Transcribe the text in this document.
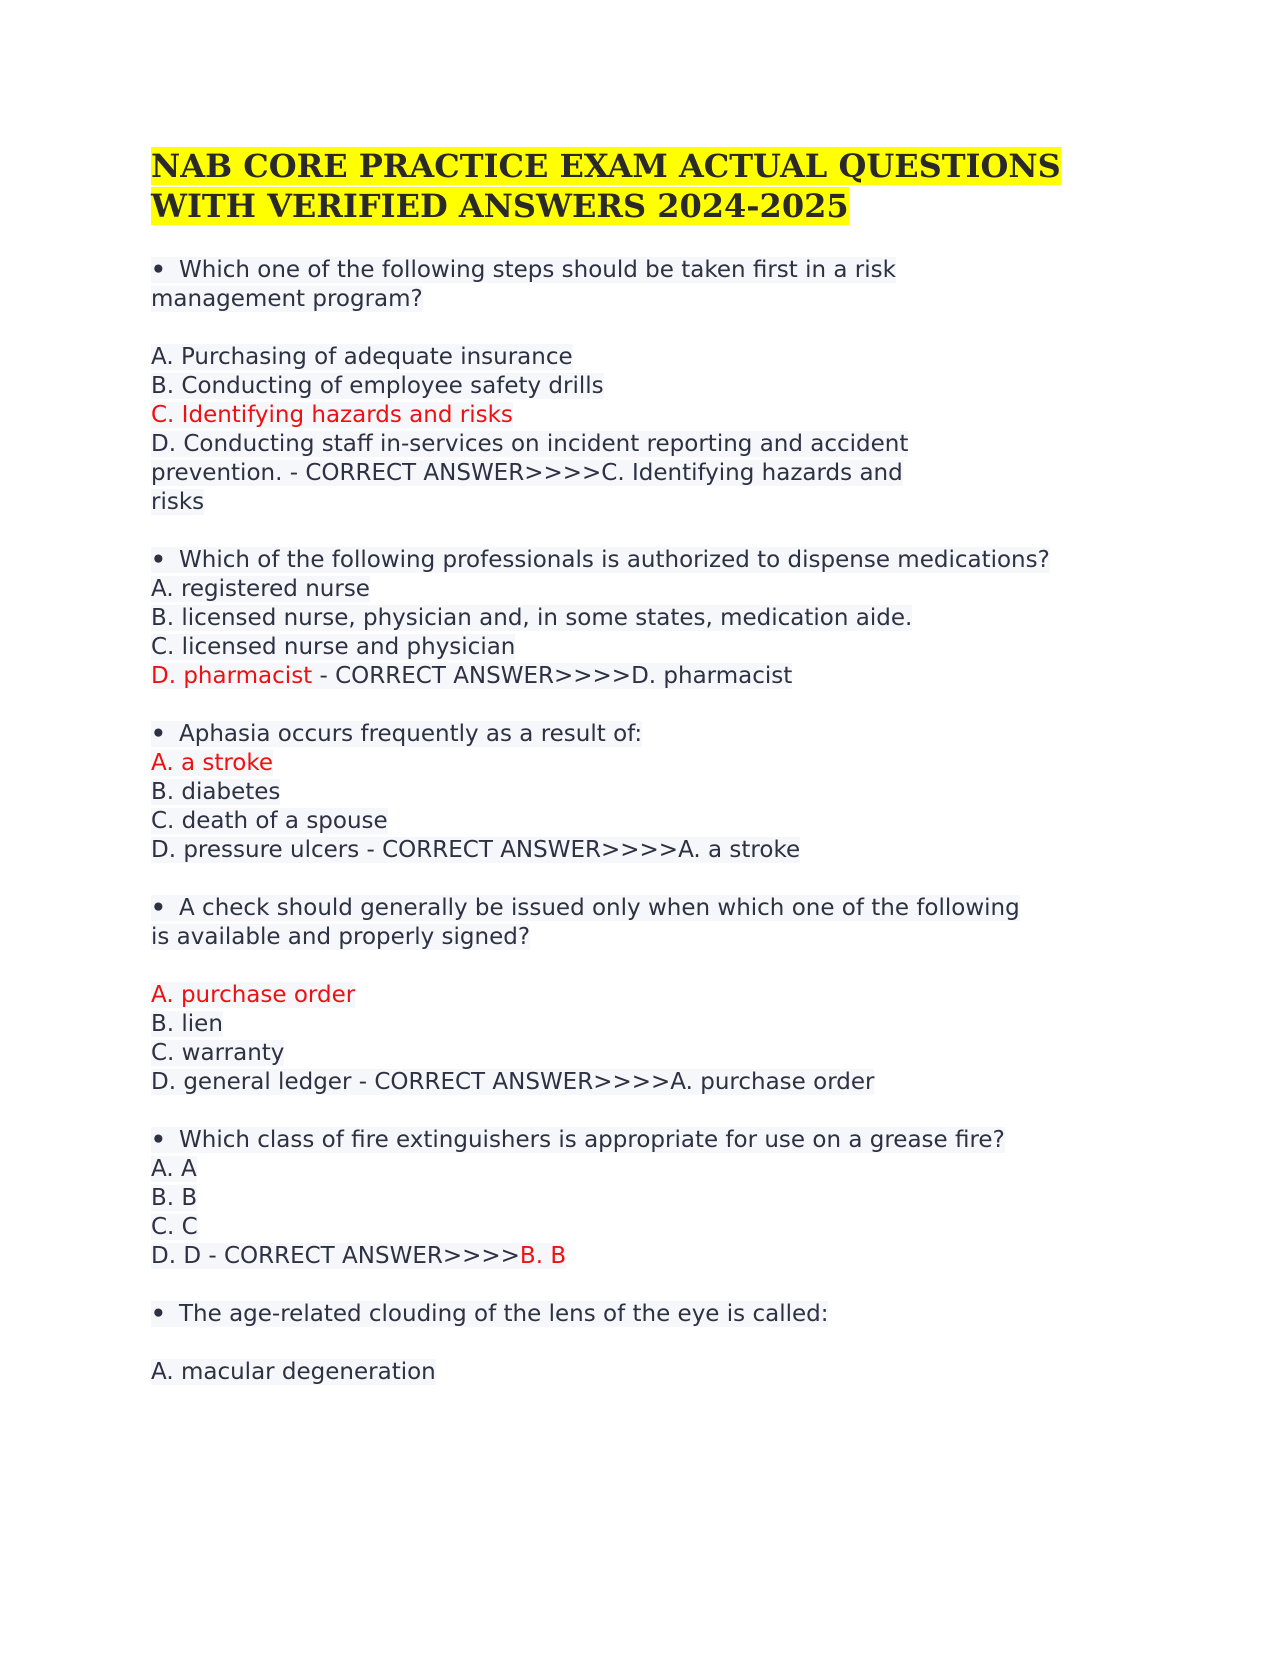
NAB CORE PRACTICE EXAM ACTUAL QUESTIONS
WITH VERIFIED ANSWERS 2024-2025

• Which one of the following steps should be taken first in a risk

management program?

A. Purchasing of adequate insurance

B. Conducting of employee safety drills

C. Identifying hazards and risks

D. Conducting staff in-services on incident reporting and accident

prevention. - CORRECT ANSWER>>>>C. Identifying hazards and

risks

• Which of the following professionals is authorized to dispense medications?

A. registered nurse

B. licensed nurse, physician and, in some states, medication aide.

C. licensed nurse and physician

D. pharmacist - CORRECT ANSWER>>>>D. pharmacist

• Aphasia occurs frequently as a result of:

A. a stroke

B. diabetes

C. death of a spouse

D. pressure ulcers - CORRECT ANSWER>>>>A. a stroke

• A check should generally be issued only when which one of the following

is available and properly signed?

A. purchase order

B. lien

C. warranty

D. general ledger - CORRECT ANSWER>>>>A. purchase order

• Which class of fire extinguishers is appropriate for use on a grease fire?

A. A

B. B

C. C

D. D - CORRECT ANSWER>>>>B. B

• The age-related clouding of the lens of the eye is called:

A. macular degeneration
